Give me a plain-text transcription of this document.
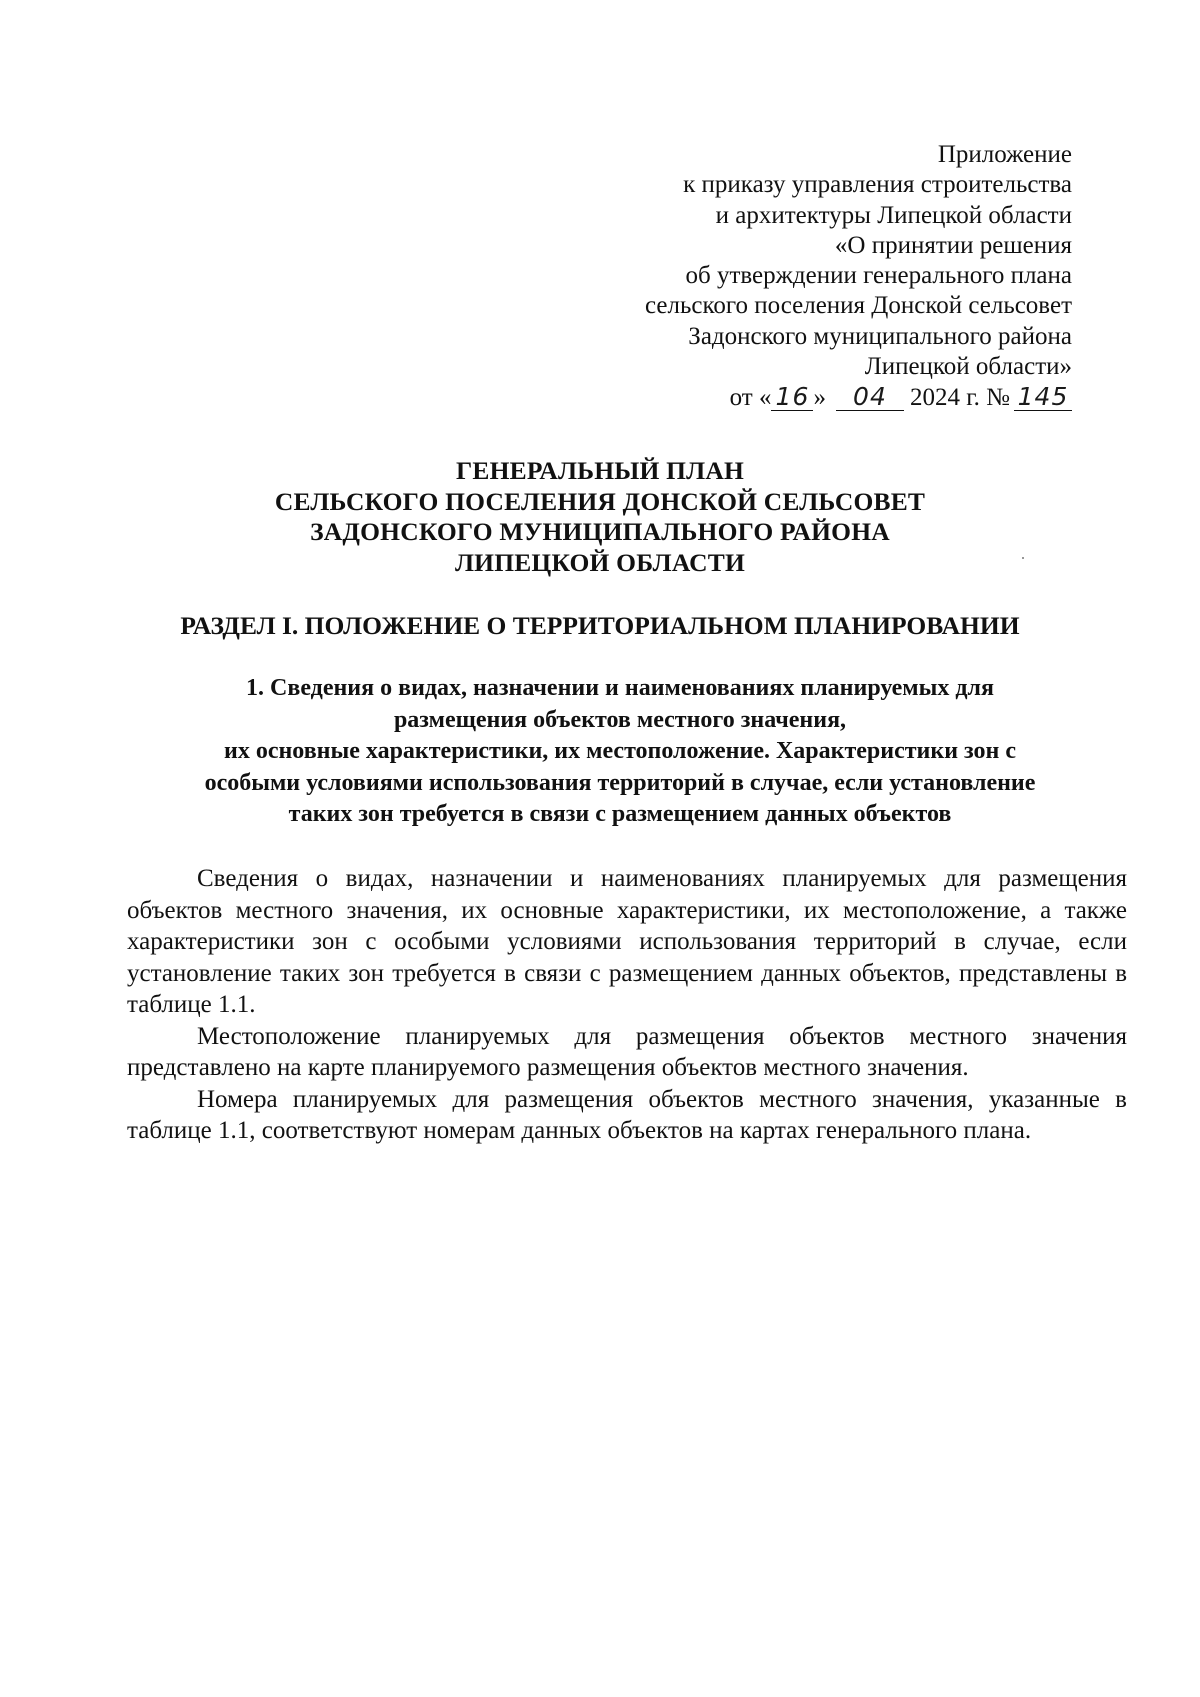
Приложение
к приказу управления строительства
и архитектуры Липецкой области
«О принятии решения
об утверждении генерального плана
сельского поселения Донской сельсовет
Задонского муниципального района
Липецкой области»
от « 16 » 04 2024 г. № 145
ГЕНЕРАЛЬНЫЙ ПЛАН
СЕЛЬСКОГО ПОСЕЛЕНИЯ ДОНСКОЙ СЕЛЬСОВЕТ
ЗАДОНСКОГО МУНИЦИПАЛЬНОГО РАЙОНА
ЛИПЕЦКОЙ ОБЛАСТИ
РАЗДЕЛ I. ПОЛОЖЕНИЕ О ТЕРРИТОРИАЛЬНОМ ПЛАНИРОВАНИИ
1. Сведения о видах, назначении и наименованиях планируемых для
размещения объектов местного значения,
их основные характеристики, их местоположение. Характеристики зон с
особыми условиями использования территорий в случае, если установление
таких зон требуется в связи с размещением данных объектов

Сведения о видах, назначении и наименованиях планируемых для размещения объектов местного значения, их основные характеристики, их местоположение, а также характеристики зон с особыми условиями использования территорий в случае, если установление таких зон требуется в связи с размещением данных объектов, представлены в таблице 1.1.

Местоположение планируемых для размещения объектов местного значения представлено на карте планируемого размещения объектов местного значения.

Номера планируемых для размещения объектов местного значения, указанные в таблице 1.1, соответствуют номерам данных объектов на картах генерального плана.
